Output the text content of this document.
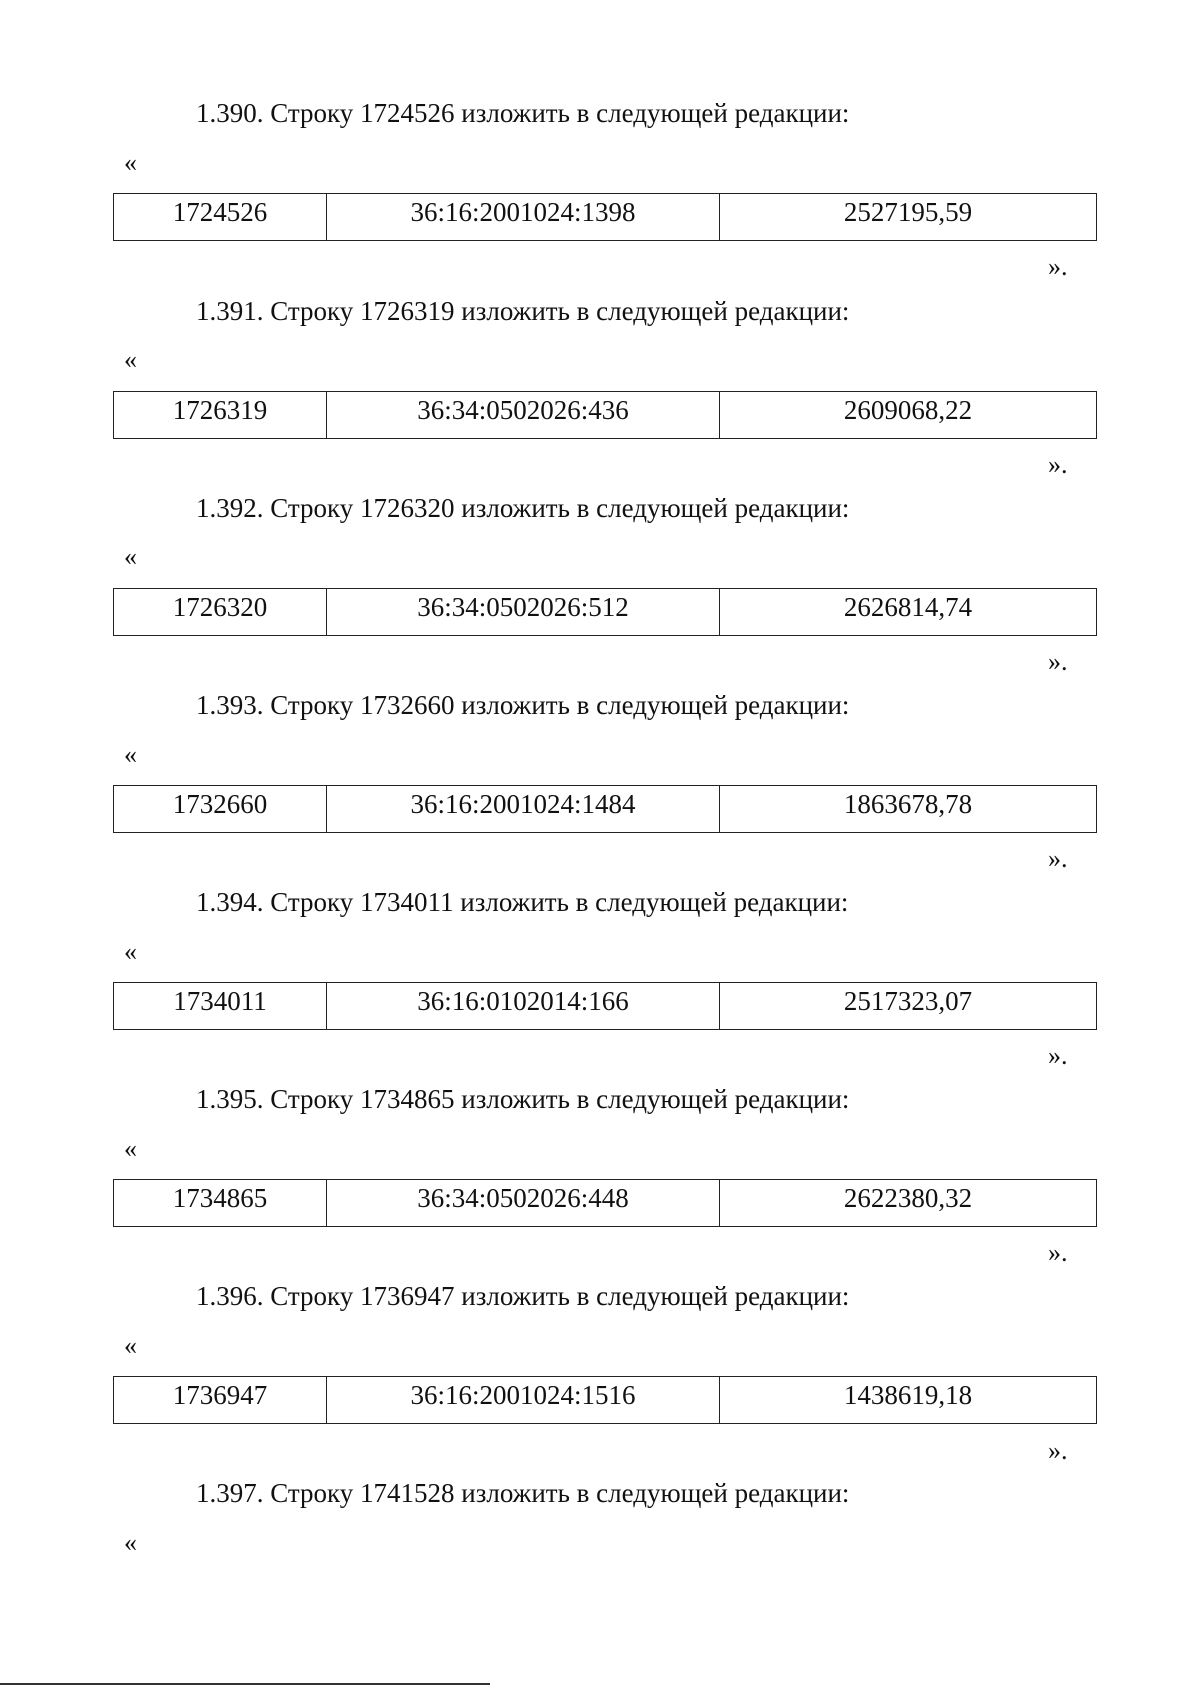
1.390. Строку 1724526 изложить в следующей редакции:
«
1724526	36:16:2001024:1398	2527195,59
».
1.391. Строку 1726319 изложить в следующей редакции:
«
1726319	36:34:0502026:436	2609068,22
».
1.392. Строку 1726320 изложить в следующей редакции:
«
1726320	36:34:0502026:512	2626814,74
».
1.393. Строку 1732660 изложить в следующей редакции:
«
1732660	36:16:2001024:1484	1863678,78
».
1.394. Строку 1734011 изложить в следующей редакции:
«
1734011	36:16:0102014:166	2517323,07
».
1.395. Строку 1734865 изложить в следующей редакции:
«
1734865	36:34:0502026:448	2622380,32
».
1.396. Строку 1736947 изложить в следующей редакции:
«
1736947	36:16:2001024:1516	1438619,18
».
1.397. Строку 1741528 изложить в следующей редакции:
«
